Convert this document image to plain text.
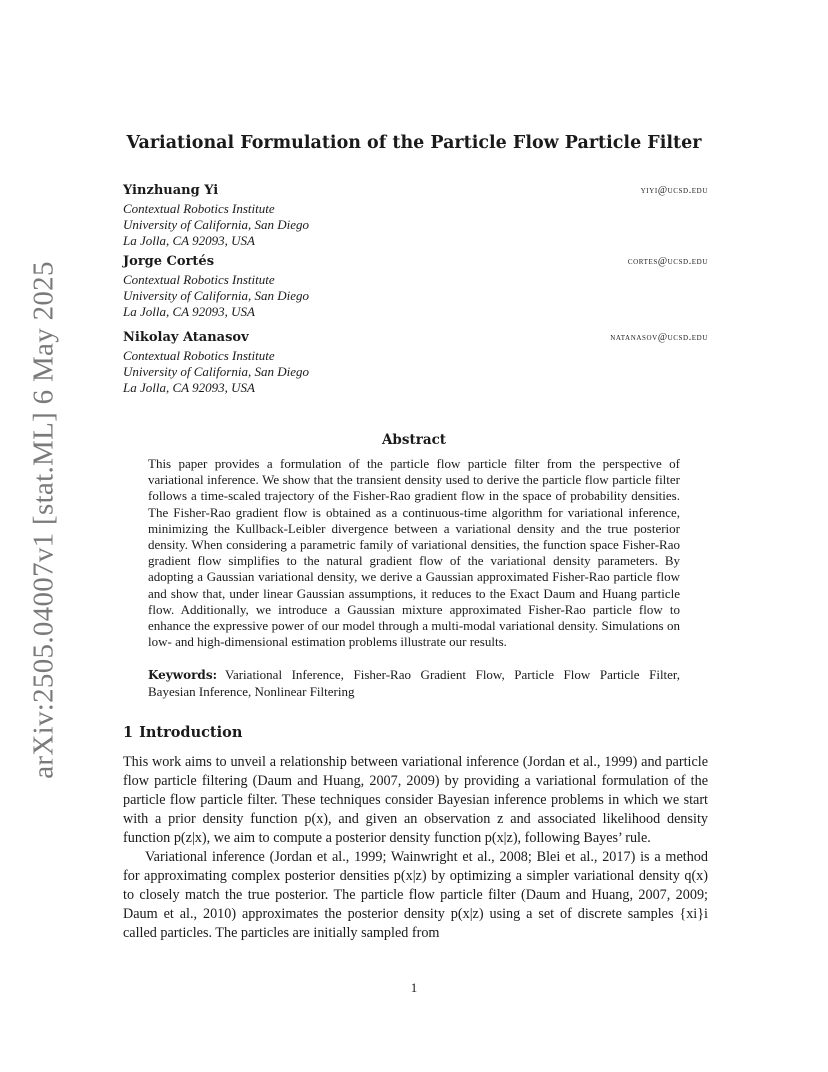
arXiv:2505.04007v1 [stat.ML] 6 May 2025
Variational Formulation of the Particle Flow Particle Filter
Yinzhuang Yi	yiyi@ucsd.edu
Contextual Robotics Institute
University of California, San Diego
La Jolla, CA 92093, USA
Jorge Cortés	cortes@ucsd.edu
Contextual Robotics Institute
University of California, San Diego
La Jolla, CA 92093, USA
Nikolay Atanasov	natanasov@ucsd.edu
Contextual Robotics Institute
University of California, San Diego
La Jolla, CA 92093, USA
Abstract
This paper provides a formulation of the particle flow particle filter from the perspective of variational inference. We show that the transient density used to derive the particle flow particle filter follows a time-scaled trajectory of the Fisher-Rao gradient flow in the space of probability densities. The Fisher-Rao gradient flow is obtained as a continuous-time algorithm for variational inference, minimizing the Kullback-Leibler divergence between a variational density and the true posterior density. When considering a parametric family of variational densities, the function space Fisher-Rao gradient flow simplifies to the natural gradient flow of the variational density parameters. By adopting a Gaussian variational density, we derive a Gaussian approximated Fisher-Rao particle flow and show that, under linear Gaussian assumptions, it reduces to the Exact Daum and Huang particle flow. Additionally, we introduce a Gaussian mixture approximated Fisher-Rao particle flow to enhance the expressive power of our model through a multi-modal variational density. Simulations on low- and high-dimensional estimation problems illustrate our results.
Keywords: Variational Inference, Fisher-Rao Gradient Flow, Particle Flow Particle Filter, Bayesian Inference, Nonlinear Filtering
1 Introduction

This work aims to unveil a relationship between variational inference (Jordan et al., 1999) and particle flow particle filtering (Daum and Huang, 2007, 2009) by providing a variational formulation of the particle flow particle filter. These techniques consider Bayesian inference problems in which we start with a prior density function p(x), and given an observation z and associated likelihood density function p(z|x), we aim to compute a posterior density function p(x|z), following Bayes’ rule.

Variational inference (Jordan et al., 1999; Wainwright et al., 2008; Blei et al., 2017) is a method for approximating complex posterior densities p(x|z) by optimizing a simpler variational density q(x) to closely match the true posterior. The particle flow particle filter (Daum and Huang, 2007, 2009; Daum et al., 2010) approximates the posterior density p(x|z) using a set of discrete samples {xi}i called particles. The particles are initially sampled from

1
